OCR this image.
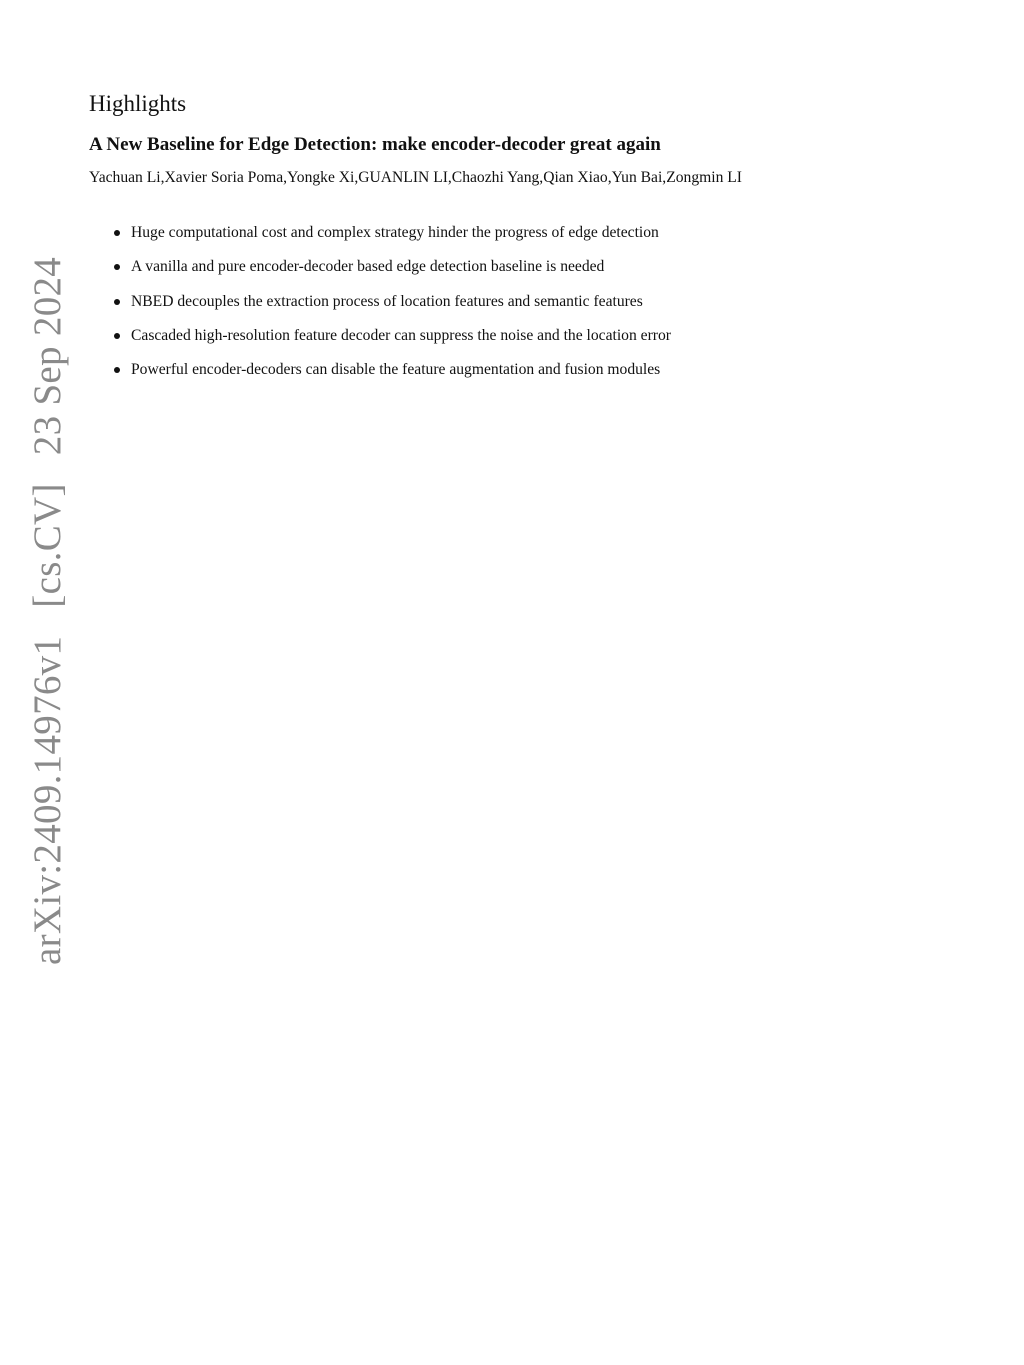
arXiv:2409.14976v1[cs.CV]23 Sep 2024
Highlights
A New Baseline for Edge Detection: make encoder-decoder great again

Yachuan Li,Xavier Soria Poma,Yongke Xi,GUANLIN LI,Chaozhi Yang,Qian Xiao,Yun Bai,Zongmin LI

Huge computational cost and complex strategy hinder the progress of edge detection
A vanilla and pure encoder-decoder based edge detection baseline is needed
NBED decouples the extraction process of location features and semantic features
Cascaded high-resolution feature decoder can suppress the noise and the location error
Powerful encoder-decoders can disable the feature augmentation and fusion modules
